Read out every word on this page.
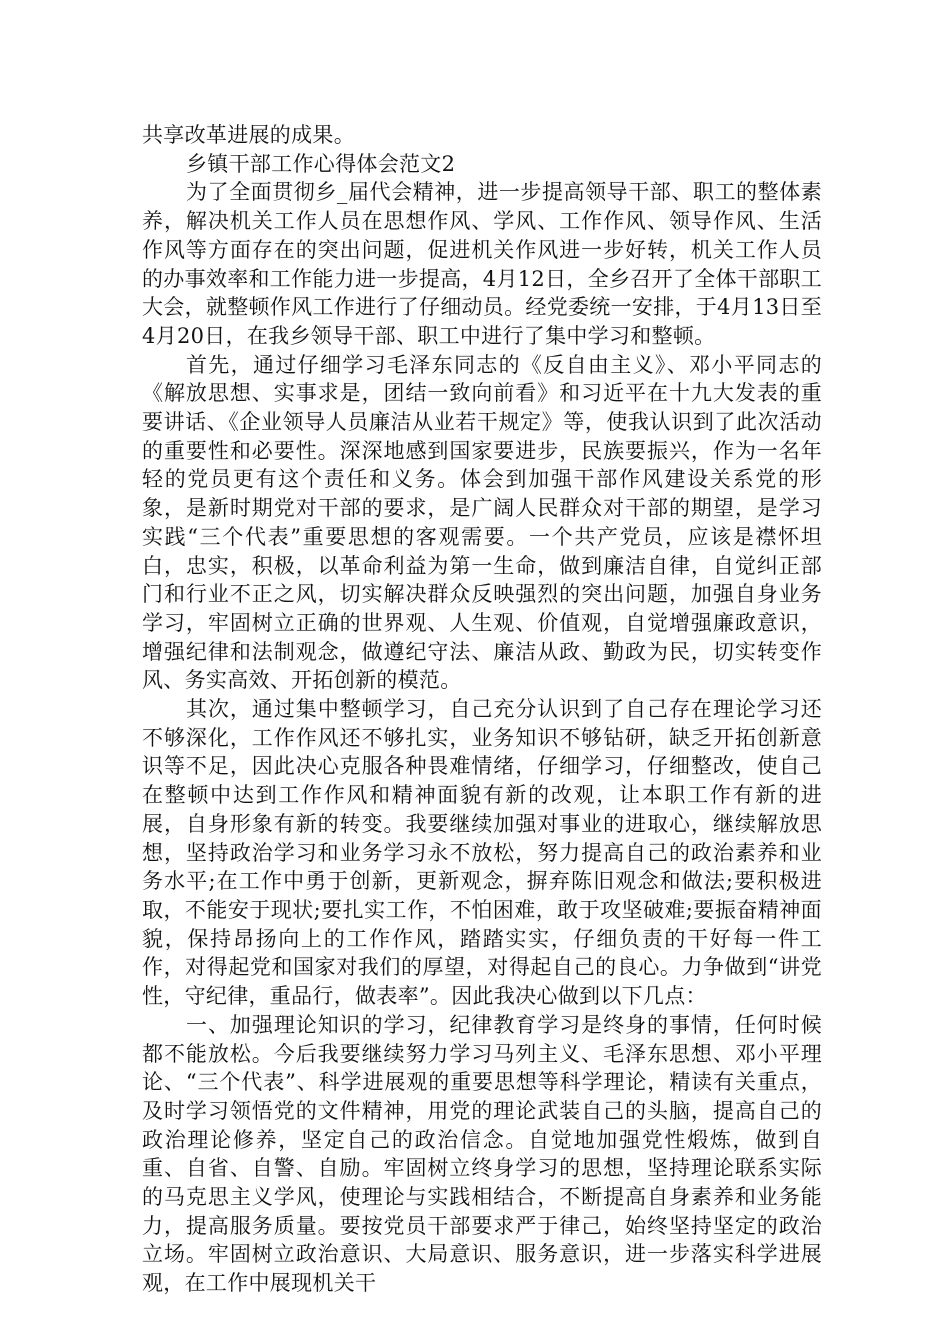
共享改革进展的成果。

乡镇干部工作心得体会范文2

为了全面贯彻乡_届代会精神，进一步提高领导干部、职工的整体素养，解决机关工作人员在思想作风、学风、工作作风、领导作风、生活作风等方面存在的突出问题，促进机关作风进一步好转，机关工作人员的办事效率和工作能力进一步提高，4月12日，全乡召开了全体干部职工大会，就整顿作风工作进行了仔细动员。经党委统一安排，于4月13日至4月20日，在我乡领导干部、职工中进行了集中学习和整顿。

首先，通过仔细学习毛泽东同志的《反自由主义》、邓小平同志的《解放思想、实事求是，团结一致向前看》和习近平在十九大发表的重要讲话、《企业领导人员廉洁从业若干规定》等，使我认识到了此次活动的重要性和必要性。深深地感到国家要进步，民族要振兴，作为一名年轻的党员更有这个责任和义务。体会到加强干部作风建设关系党的形象，是新时期党对干部的要求，是广阔人民群众对干部的期望，是学习实践“三个代表”重要思想的客观需要。一个共产党员，应该是襟怀坦白，忠实，积极，以革命利益为第一生命，做到廉洁自律，自觉纠正部门和行业不正之风，切实解决群众反映强烈的突出问题，加强自身业务学习，牢固树立正确的世界观、人生观、价值观，自觉增强廉政意识，增强纪律和法制观念，做遵纪守法、廉洁从政、勤政为民，切实转变作风、务实高效、开拓创新的模范。

其次，通过集中整顿学习，自己充分认识到了自己存在理论学习还不够深化，工作作风还不够扎实，业务知识不够钻研，缺乏开拓创新意识等不足，因此决心克服各种畏难情绪，仔细学习，仔细整改，使自己在整顿中达到工作作风和精神面貌有新的改观，让本职工作有新的进展，自身形象有新的转变。我要继续加强对事业的进取心，继续解放思想，坚持政治学习和业务学习永不放松，努力提高自己的政治素养和业务水平;在工作中勇于创新，更新观念，摒弃陈旧观念和做法;要积极进取，不能安于现状;要扎实工作，不怕困难，敢于攻坚破难;要振奋精神面貌，保持昂扬向上的工作作风，踏踏实实，仔细负责的干好每一件工作，对得起党和国家对我们的厚望，对得起自己的良心。力争做到“讲党性，守纪律，重品行，做表率”。因此我决心做到以下几点：

一、加强理论知识的学习，纪律教育学习是终身的事情，任何时候都不能放松。今后我要继续努力学习马列主义、毛泽东思想、邓小平理论、“三个代表”、科学进展观的重要思想等科学理论，精读有关重点，及时学习领悟党的文件精神，用党的理论武装自己的头脑，提高自己的政治理论修养，坚定自己的政治信念。自觉地加强党性煅炼，做到自重、自省、自警、自励。牢固树立终身学习的思想，坚持理论联系实际的马克思主义学风，使理论与实践相结合，不断提高自身素养和业务能力，提高服务质量。要按党员干部要求严于律己，始终坚持坚定的政治立场。牢固树立政治意识、大局意识、服务意识，进一步落实科学进展观，在工作中展现机关干
